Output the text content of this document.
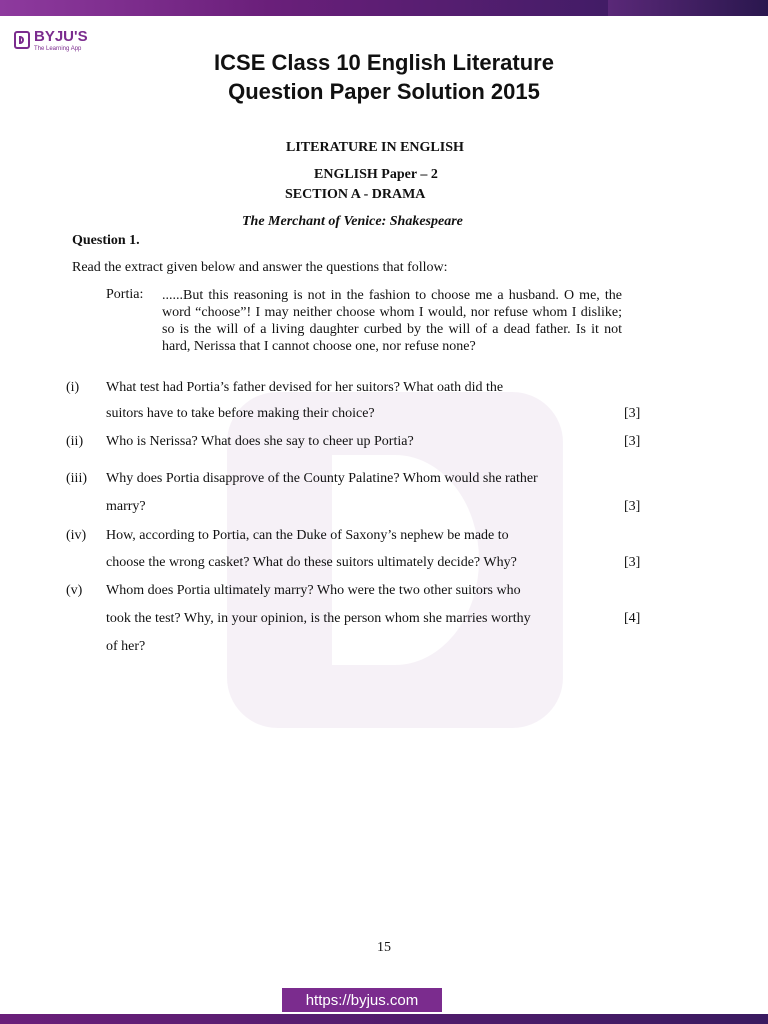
BYJU'S
The Learning App
ICSE Class 10 English Literature
Question Paper Solution 2015
LITERATURE IN ENGLISH
ENGLISH Paper – 2
SECTION A - DRAMA
The Merchant of Venice: Shakespeare
Question 1.
Read the extract given below and answer the questions that follow:
Portia: ......But this reasoning is not in the fashion to choose me a husband. O me, the word “choose”! I may neither choose whom I would, nor refuse whom I dislike; so is the will of a living daughter curbed by the will of a dead father. Is it not hard, Nerissa that I cannot choose one, nor refuse none?
(i) What test had Portia’s father devised for her suitors? What oath did the
suitors have to take before making their choice?	[3]
(ii) Who is Nerissa? What does she say to cheer up Portia?	[3]
(iii) Why does Portia disapprove of the County Palatine? Whom would she rather
marry?	[3]
(iv) How, according to Portia, can the Duke of Saxony’s nephew be made to
choose the wrong casket? What do these suitors ultimately decide? Why?	[3]
(v) Whom does Portia ultimately marry? Who were the two other suitors who
took the test? Why, in your opinion, is the person whom she marries worthy	[4]
of her?
15
https://byjus.com
